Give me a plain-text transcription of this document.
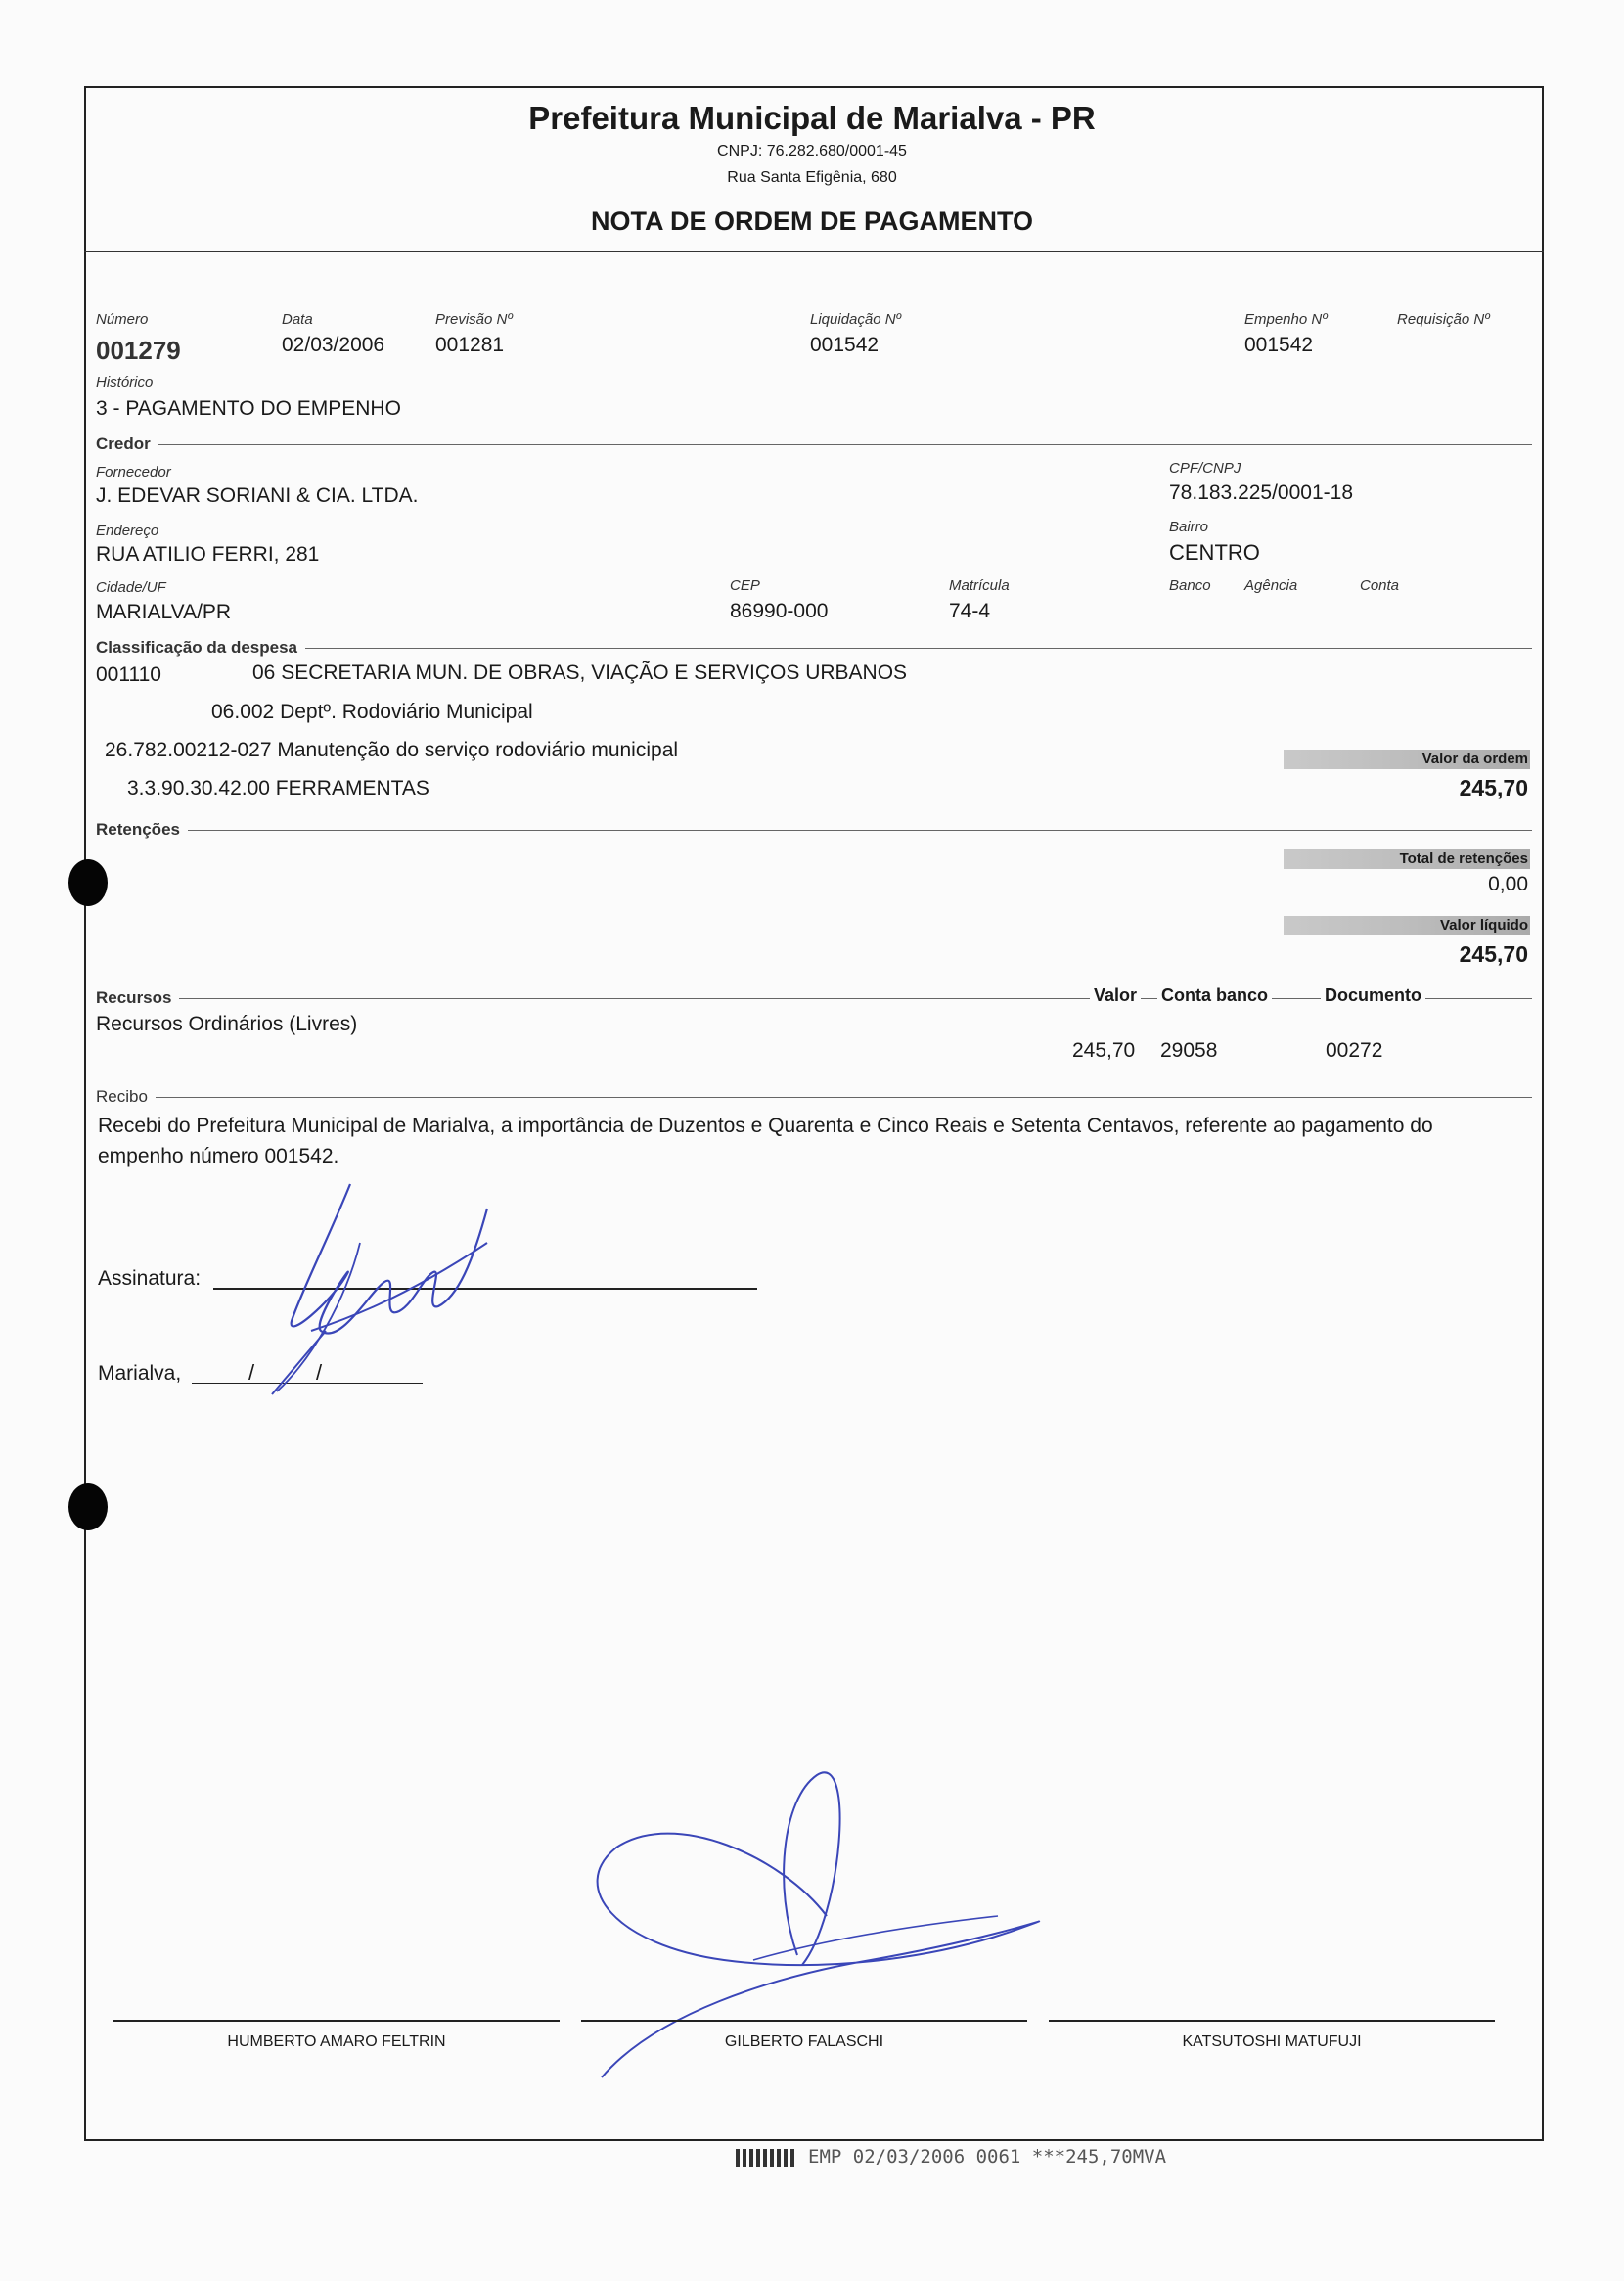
Prefeitura Municipal de Marialva - PR
CNPJ: 76.282.680/0001-45
Rua Santa Efigênia, 680
NOTA DE ORDEM DE PAGAMENTO
Número
001279
Data
02/03/2006
Previsão Nº
001281
Liquidação Nº
001542
Empenho Nº
001542
Requisição Nº
Histórico
3 - PAGAMENTO DO EMPENHO
Credor
Fornecedor
J. EDEVAR SORIANI & CIA. LTDA.
CPF/CNPJ
78.183.225/0001-18
Endereço
RUA ATILIO FERRI, 281
Bairro
CENTRO
Cidade/UF
MARIALVA/PR
CEP
86990-000
Matrícula
74-4
Banco Agência	Conta
Classificação da despesa
001110	06 SECRETARIA MUN. DE OBRAS, VIAÇÃO E SERVIÇOS URBANOS
06.002 Deptº. Rodoviário Municipal
26.782.00212-027 Manutenção do serviço rodoviário municipal
3.3.90.30.42.00 FERRAMENTAS
Valor da ordem
245,70
Retenções
Total de retenções
0,00
Valor líquido
245,70
Recursos	Valor Conta banco	Documento
Recursos Ordinários (Livres)
245,70 29058	00272
Recibo
Recebi do Prefeitura Municipal de Marialva, a importância de Duzentos e Quarenta e Cinco Reais e Setenta Centavos, referente ao pagamento do
empenho número 001542.
Assinatura:
Marialva,	/	/
HUMBERTO AMARO FELTRIN	GILBERTO FALASCHI	KATSUTOSHI MATUFUJI
EMP 02/03/2006 0061 ***245,70MVA
